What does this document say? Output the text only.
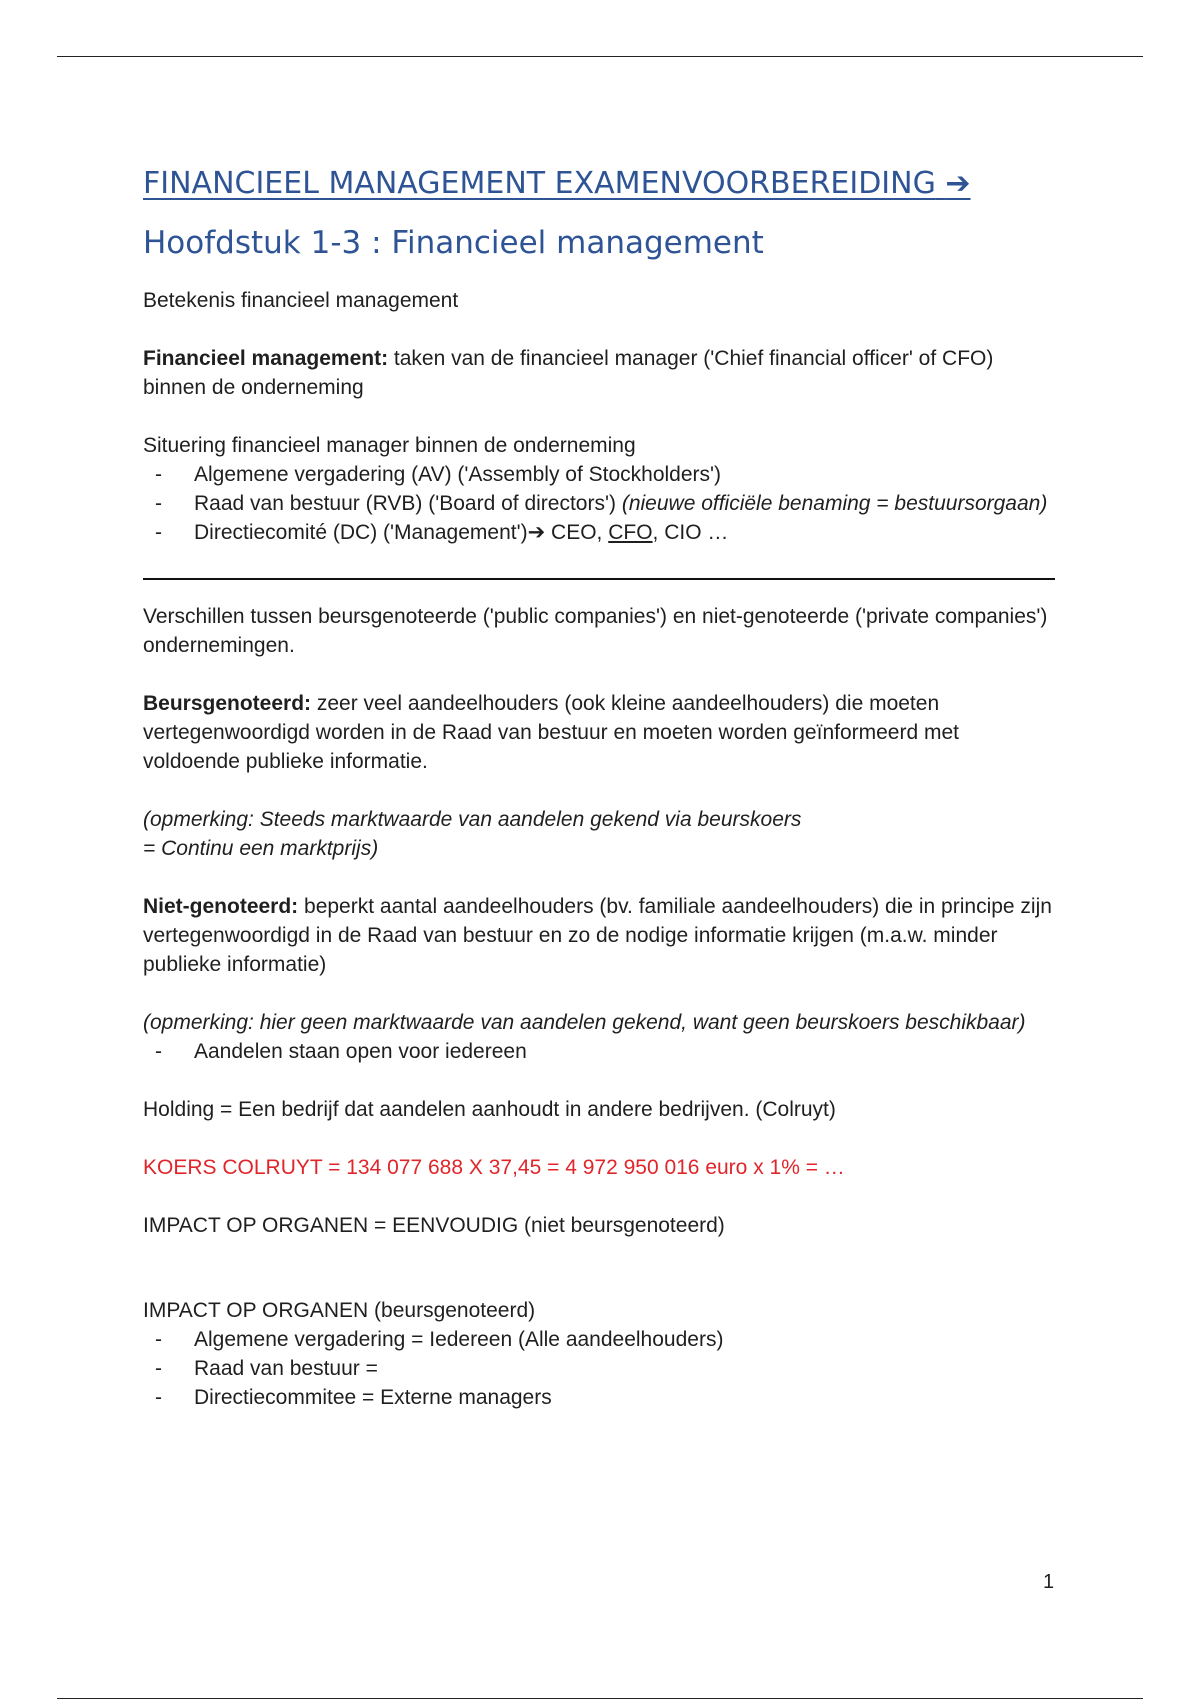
FINANCIEEL MANAGEMENT EXAMENVOORBEREIDING ➔
Hoofdstuk 1-3 : Financieel management

Betekenis financieel management

Financieel management: taken van de financieel manager ('Chief financial officer' of CFO) binnen de onderneming

Situering financieel manager binnen de onderneming

- Algemene vergadering (AV) ('Assembly of Stockholders')
- Raad van bestuur (RVB) ('Board of directors') (nieuwe officiële benaming = bestuursorgaan)
- Directiecomité (DC) ('Management')➔ CEO, CFO, CIO …

Verschillen tussen beursgenoteerde ('public companies') en niet-genoteerde ('private companies') ondernemingen.

Beursgenoteerd: zeer veel aandeelhouders (ook kleine aandeelhouders) die moeten vertegenwoordigd worden in de Raad van bestuur en moeten worden geïnformeerd met voldoende publieke informatie.

(opmerking: Steeds marktwaarde van aandelen gekend via beurskoers
= Continu een marktprijs)

Niet-genoteerd: beperkt aantal aandeelhouders (bv. familiale aandeelhouders) die in principe zijn vertegenwoordigd in de Raad van bestuur en zo de nodige informatie krijgen (m.a.w. minder publieke informatie)

(opmerking: hier geen marktwaarde van aandelen gekend, want geen beurskoers beschikbaar)

- Aandelen staan open voor iedereen

Holding = Een bedrijf dat aandelen aanhoudt in andere bedrijven. (Colruyt)

KOERS COLRUYT = 134 077 688 X 37,45 = 4 972 950 016 euro x 1% = …

IMPACT OP ORGANEN = EENVOUDIG (niet beursgenoteerd)

IMPACT OP ORGANEN (beursgenoteerd)

- Algemene vergadering = Iedereen (Alle aandeelhouders)
- Raad van bestuur =
- Directiecommitee = Externe managers
1
